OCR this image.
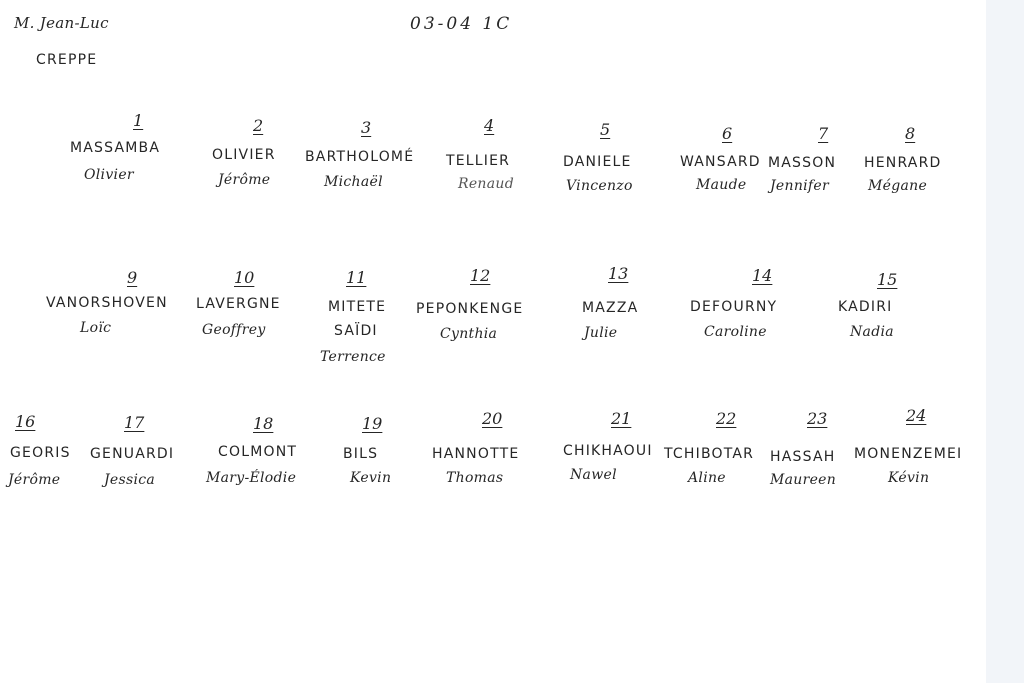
M. Jean-Luc
CREPPE
03-04 1C
1
MASSAMBA
Olivier
2
OLIVIER
Jérôme
3
BARTHOLOMÉ
Michaël
4
TELLIER
Renaud
5
DANIELE
Vincenzo
6
WANSARD
Maude
7
MASSON
Jennifer
8
HENRARD
Mégane
9
VANORSHOVEN
Loïc
10
LAVERGNE
Geoffrey
11
MITETE
SAÏDI
Terrence
12
PEPONKENGE
Cynthia
13
MAZZA
Julie
14
DEFOURNY
Caroline
15
KADIRI
Nadia
16
GEORIS
Jérôme
17
GENUARDI
Jessica
18
COLMONT
Mary-Élodie
19
BILS
Kevin
20
HANNOTTE
Thomas
21
CHIKHAOUI
Nawel
22
TCHIBOTAR
Aline
23
HASSAH
Maureen
24
MONENZEMEI
Kévin
